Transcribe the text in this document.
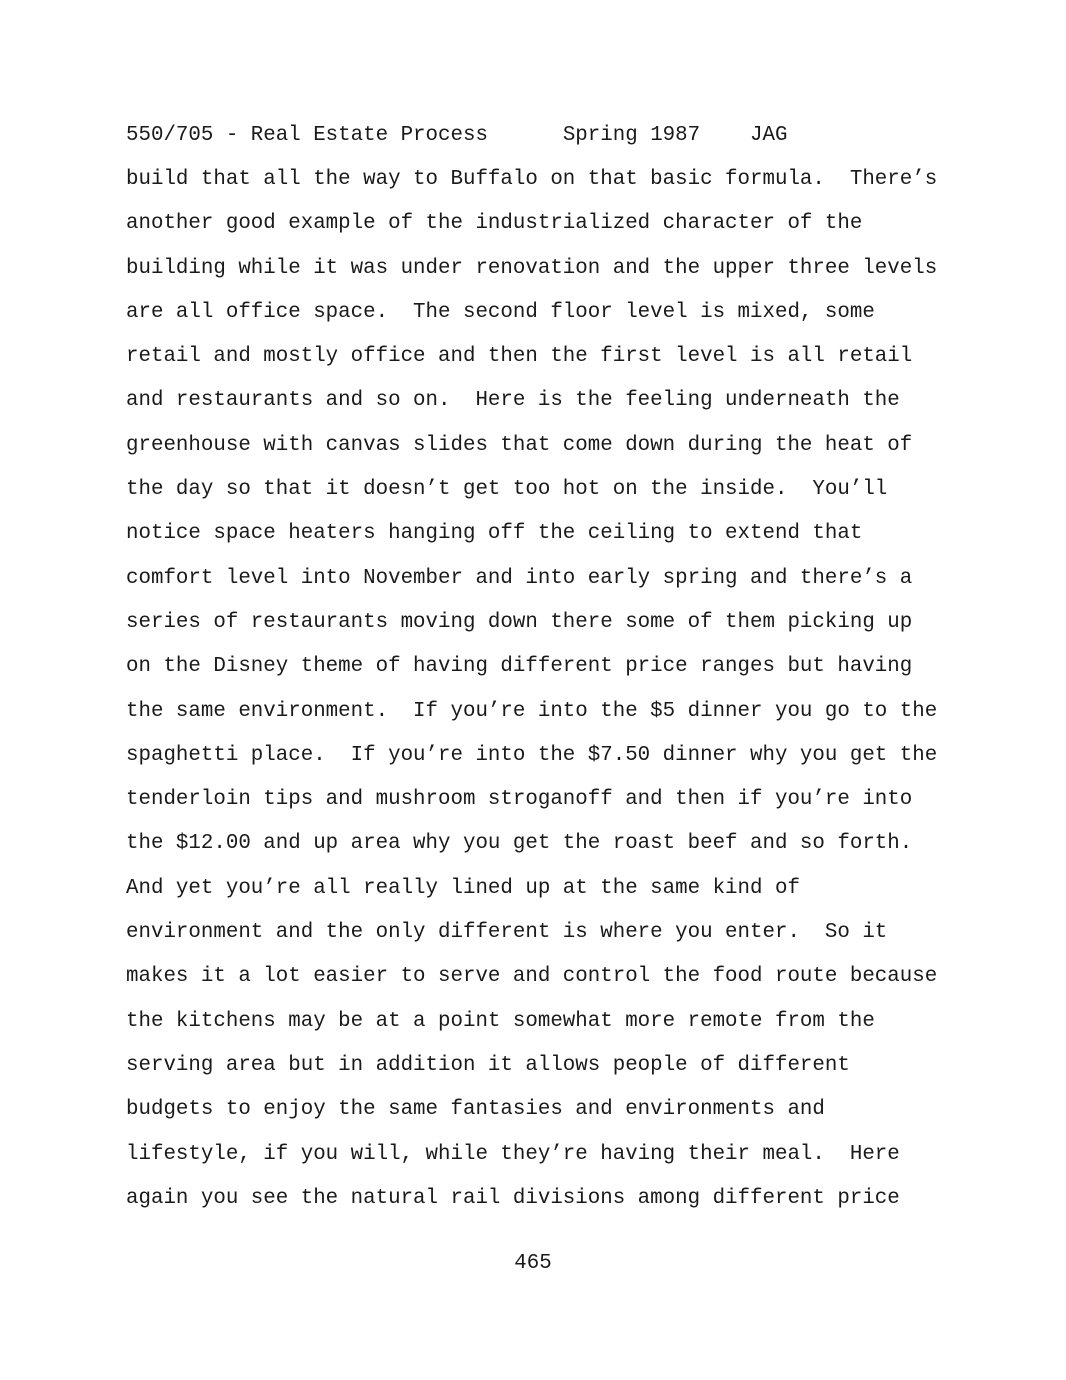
550/705 - Real Estate Process	Spring 1987 JAG
build that all the way to Buffalo on that basic formula.  There’s
another good example of the industrialized character of the
building while it was under renovation and the upper three levels
are all office space.  The second floor level is mixed, some
retail and mostly office and then the first level is all retail
and restaurants and so on.  Here is the feeling underneath the
greenhouse with canvas slides that come down during the heat of
the day so that it doesn’t get too hot on the inside.  You’ll
notice space heaters hanging off the ceiling to extend that
comfort level into November and into early spring and there’s a
series of restaurants moving down there some of them picking up
on the Disney theme of having different price ranges but having
the same environment.  If you’re into the $5 dinner you go to the
spaghetti place.  If you’re into the $7.50 dinner why you get the
tenderloin tips and mushroom stroganoff and then if you’re into
the $12.00 and up area why you get the roast beef and so forth.
And yet you’re all really lined up at the same kind of
environment and the only different is where you enter.  So it
makes it a lot easier to serve and control the food route because
the kitchens may be at a point somewhat more remote from the
serving area but in addition it allows people of different
budgets to enjoy the same fantasies and environments and
lifestyle, if you will, while they’re having their meal.  Here
again you see the natural rail divisions among different price
465
